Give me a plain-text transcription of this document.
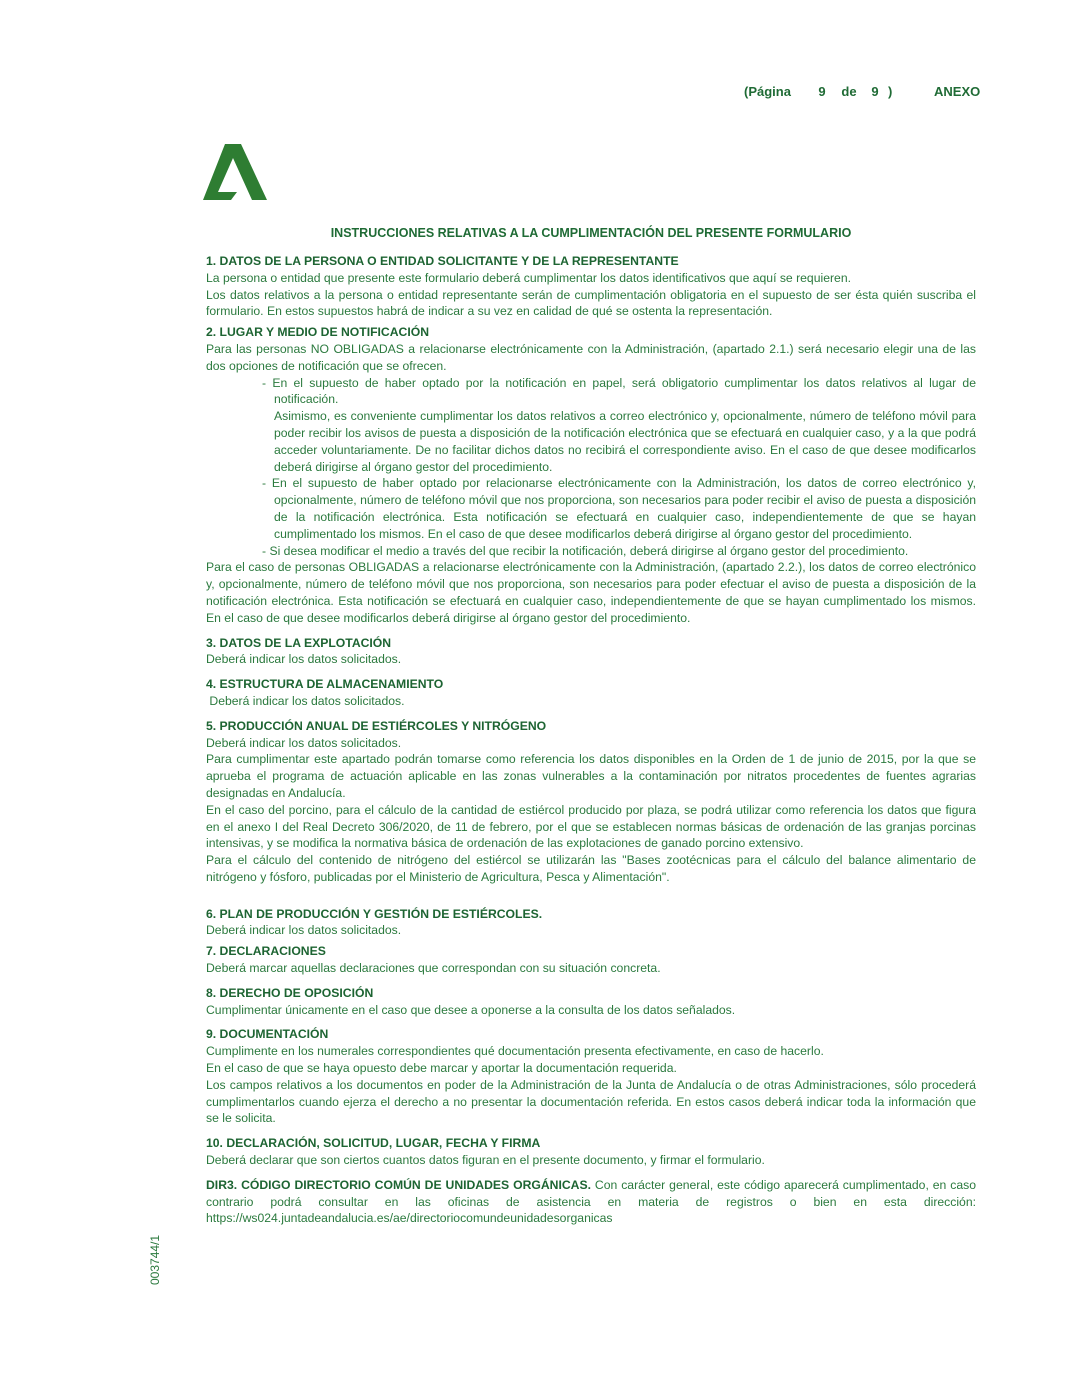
(Página	9	de	9 )	ANEXO
INSTRUCCIONES RELATIVAS A LA CUMPLIMENTACIÓN DEL PRESENTE FORMULARIO
1. DATOS DE LA PERSONA O ENTIDAD SOLICITANTE Y DE LA REPRESENTANTE

La persona o entidad que presente este formulario deberá cumplimentar los datos identificativos que aquí se requieren.

Los datos relativos a la persona o entidad representante serán de cumplimentación obligatoria en el supuesto de ser ésta quién suscriba el formulario. En estos supuestos habrá de indicar a su vez en calidad de qué se ostenta la representación.

2. LUGAR Y MEDIO DE NOTIFICACIÓN

Para las personas NO OBLIGADAS a relacionarse electrónicamente con la Administración, (apartado 2.1.) será necesario elegir una de las dos opciones de notificación que se ofrecen.

- En el supuesto de haber optado por la notificación en papel, será obligatorio cumplimentar los datos relativos al lugar de notificación.

Asimismo, es conveniente cumplimentar los datos relativos a correo electrónico y, opcionalmente, número de teléfono móvil para poder recibir los avisos de puesta a disposición de la notificación electrónica que se efectuará en cualquier caso, y a la que podrá acceder voluntariamente. De no facilitar dichos datos no recibirá el correspondiente aviso. En el caso de que desee modificarlos deberá dirigirse al órgano gestor del procedimiento.

- En el supuesto de haber optado por relacionarse electrónicamente con la Administración, los datos de correo electrónico y, opcionalmente, número de teléfono móvil que nos proporciona, son necesarios para poder recibir el aviso de puesta a disposición de la notificación electrónica. Esta notificación se efectuará en cualquier caso, independientemente de que se hayan cumplimentado los mismos. En el caso de que desee modificarlos deberá dirigirse al órgano gestor del procedimiento.

- Si desea modificar el medio a través del que recibir la notificación, deberá dirigirse al órgano gestor del procedimiento.

Para el caso de personas OBLIGADAS a relacionarse electrónicamente con la Administración, (apartado 2.2.), los datos de correo electrónico y, opcionalmente, número de teléfono móvil que nos proporciona, son necesarios para poder efectuar el aviso de puesta a disposición de la notificación electrónica. Esta notificación se efectuará en cualquier caso, independientemente de que se hayan cumplimentado los mismos. En el caso de que desee modificarlos deberá dirigirse al órgano gestor del procedimiento.

3. DATOS DE LA EXPLOTACIÓN

Deberá indicar los datos solicitados.

4. ESTRUCTURA DE ALMACENAMIENTO

Deberá indicar los datos solicitados.

5. PRODUCCIÓN ANUAL DE ESTIÉRCOLES Y NITRÓGENO

Deberá indicar los datos solicitados.

Para cumplimentar este apartado podrán tomarse como referencia los datos disponibles en la Orden de 1 de junio de 2015, por la que se aprueba el programa de actuación aplicable en las zonas vulnerables a la contaminación por nitratos procedentes de fuentes agrarias designadas en Andalucía.

En el caso del porcino, para el cálculo de la cantidad de estiércol producido por plaza, se podrá utilizar como referencia los datos que figura en el anexo I del Real Decreto 306/2020, de 11 de febrero, por el que se establecen normas básicas de ordenación de las granjas porcinas intensivas, y se modifica la normativa básica de ordenación de las explotaciones de ganado porcino extensivo.

Para el cálculo del contenido de nitrógeno del estiércol se utilizarán las "Bases zootécnicas para el cálculo del balance alimentario de nitrógeno y fósforo, publicadas por el Ministerio de Agricultura, Pesca y Alimentación".

6. PLAN DE PRODUCCIÓN Y GESTIÓN DE ESTIÉRCOLES.

Deberá indicar los datos solicitados.

7. DECLARACIONES

Deberá marcar aquellas declaraciones que correspondan con su situación concreta.

8. DERECHO DE OPOSICIÓN

Cumplimentar únicamente en el caso que desee a oponerse a la consulta de los datos señalados.

9. DOCUMENTACIÓN

Cumplimente en los numerales correspondientes qué documentación presenta efectivamente, en caso de hacerlo.

En el caso de que se haya opuesto debe marcar y aportar la documentación requerida.

Los campos relativos a los documentos en poder de la Administración de la Junta de Andalucía o de otras Administraciones, sólo procederá cumplimentarlos cuando ejerza el derecho a no presentar la documentación referida. En estos casos deberá indicar toda la información que se le solicita.

10. DECLARACIÓN, SOLICITUD, LUGAR, FECHA Y FIRMA

Deberá declarar que son ciertos cuantos datos figuran en el presente documento, y firmar el formulario.

DIR3. CÓDIGO DIRECTORIO COMÚN DE UNIDADES ORGÁNICAS. Con carácter general, este código aparecerá cumplimentado, en caso contrario podrá consultar en las oficinas de asistencia en materia de registros o bien en esta dirección: https://ws024.juntadeandalucia.es/ae/directoriocomundeunidadesorganicas

003744/1
